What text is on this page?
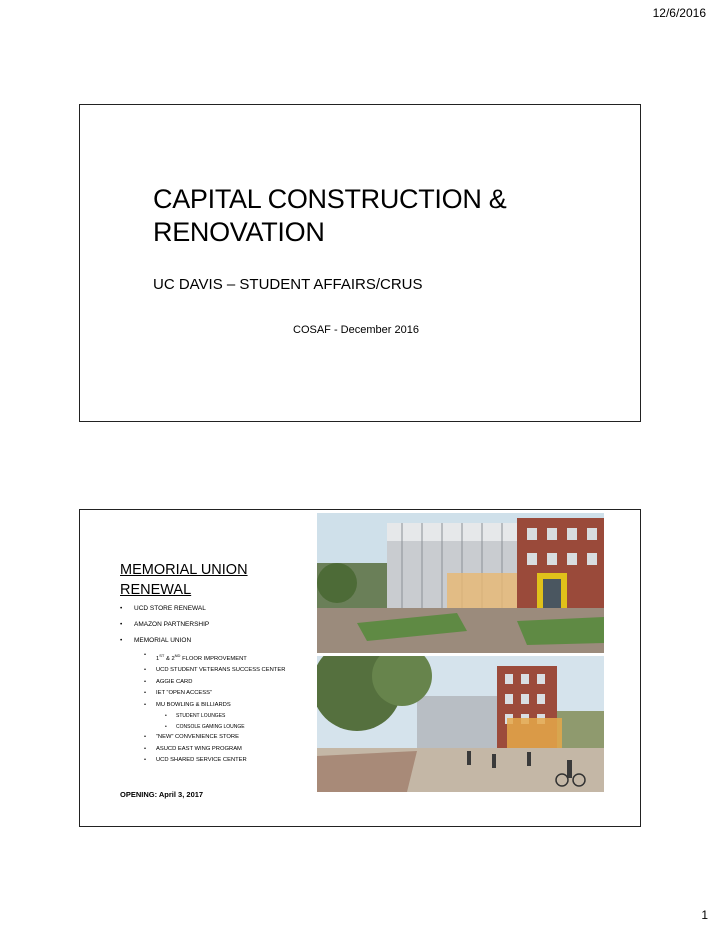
12/6/2016
CAPITAL CONSTRUCTION &
RENOVATION
UC DAVIS – STUDENT AFFAIRS/CRUS
COSAF - December 2016
MEMORIAL UNION
RENEWAL
• UCD STORE RENEWAL
• AMAZON PARTNERSHIP
• MEMORIAL UNION
• 1ST & 2ND FLOOR IMPROVEMENT
• UCD STUDENT VETERANS SUCCESS CENTER
• AGGIE CARD
• IET “OPEN ACCESS”
• MU BOWLING & BILLIARDS
• STUDENT LOUNGES
• CONSOLE GAMING LOUNGE
• “NEW” CONVENIENCE STORE
• ASUCD EAST WING PROGRAM
• UCD SHARED SERVICE CENTER
OPENING: April 3, 2017
1
